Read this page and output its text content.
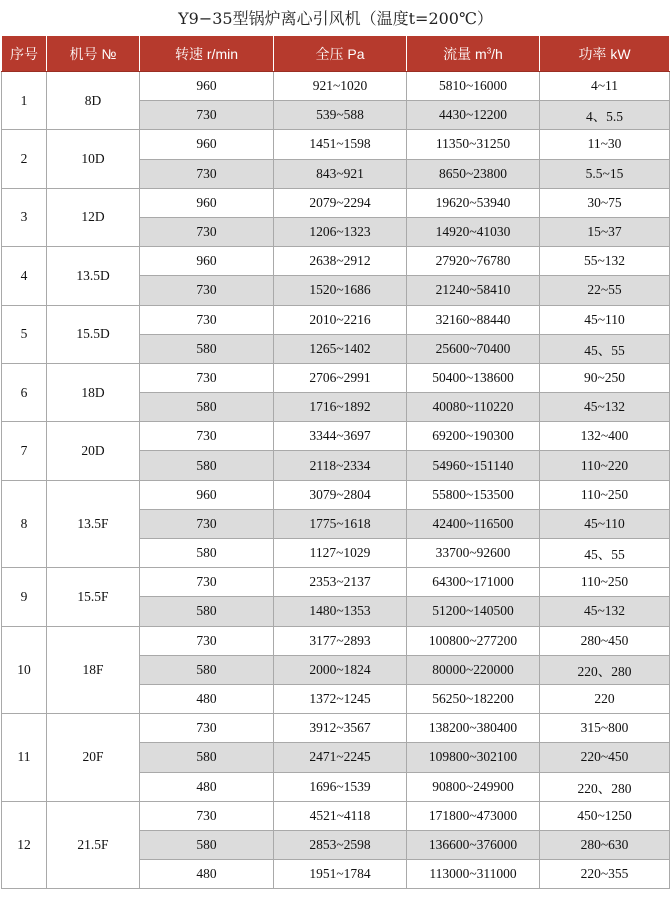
Y9−35型锅炉离心引风机（温度t=200℃）
序号	机号 №	转速 r/min	全压 Pa	流量 $m^3/h$	功率 kW
1	8D	960	921~1020	5810~16000	4~11
		730	539~588	4430~12200	4、5.5
2	10D	960	1451~1598	11350~31250	11~30
		730	843~921	8650~23800	5.5~15
3	12D	960	2079~2294	19620~53940	30~75
		730	1206~1323	14920~41030	15~37
4	13.5D	960	2638~2912	27920~76780	55~132
		730	1520~1686	21240~58410	22~55
5	15.5D	730	2010~2216	32160~88440	45~110
		580	1265~1402	25600~70400	45、55
6	18D	730	2706~2991	50400~138600	90~250
		580	1716~1892	40080~110220	45~132
7	20D	730	3344~3697	69200~190300	132~400
		580	2118~2334	54960~151140	110~220
8	13.5F	960	3079~2804	55800~153500	110~250
		730	1775~1618	42400~116500	45~110
		580	1127~1029	33700~92600	45、55
9	15.5F	730	2353~2137	64300~171000	110~250
		580	1480~1353	51200~140500	45~132
10	18F	730	3177~2893	100800~277200	280~450
		580	2000~1824	80000~220000	220、280
		480	1372~1245	56250~182200	220
11	20F	730	3912~3567	138200~380400	315~800
		580	2471~2245	109800~302100	220~450
		480	1696~1539	90800~249900	220、280
12	21.5F	730	4521~4118	171800~473000	450~1250
		580	2853~2598	136600~376000	280~630
		480	1951~1784	113000~311000	220~355
